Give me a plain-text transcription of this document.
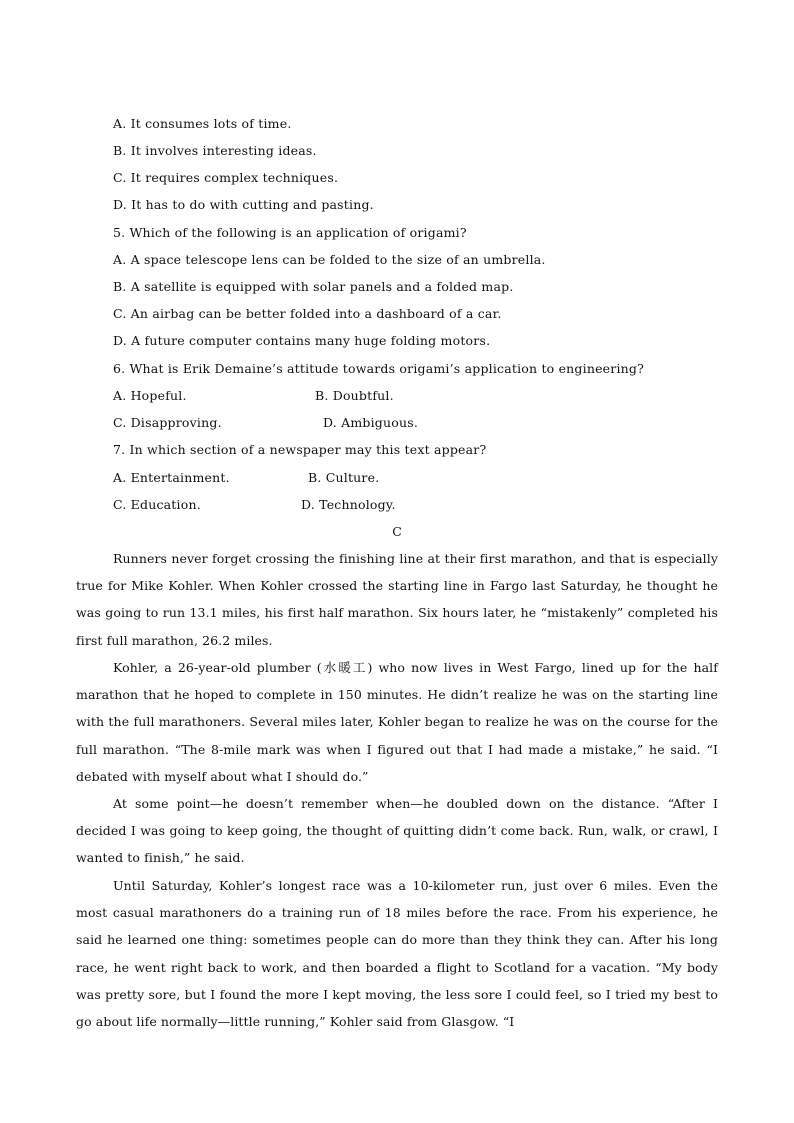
A. It consumes lots of time.
B. It involves interesting ideas.
C. It requires complex techniques.
D. It has to do with cutting and pasting.
5. Which of the following is an application of origami?
A. A space telescope lens can be folded to the size of an umbrella.
B. A satellite is equipped with solar panels and a folded map.
C. An airbag can be better folded into a dashboard of a car.
D. A future computer contains many huge folding motors.
6. What is Erik Demaine’s attitude towards origami’s application to engineering?
A. Hopeful.	B. Doubtful.
C. Disapproving.	D. Ambiguous.
7. In which section of a newspaper may this text appear?
A. Entertainment.	B. Culture.
C. Education.	D. Technology.
C
Runners never forget crossing the finishing line at their first marathon, and that is especially true for Mike Kohler. When Kohler crossed the starting line in Fargo last Saturday, he thought he was going to run 13.1 miles, his first half marathon. Six hours later, he “mistakenly” completed his first full marathon, 26.2 miles.
Kohler, a 26-year-old plumber (水暖工) who now lives in West Fargo, lined up for the half marathon that he hoped to complete in 150 minutes. He didn’t realize he was on the starting line with the full marathoners. Several miles later, Kohler began to realize he was on the course for the full marathon. “The 8-mile mark was when I figured out that I had made a mistake,” he said. “I debated with myself about what I should do.”
At some point—he doesn’t remember when—he doubled down on the distance. “After I decided I was going to keep going, the thought of quitting didn’t come back. Run, walk, or crawl, I wanted to finish,” he said.
Until Saturday, Kohler’s longest race was a 10-kilometer run, just over 6 miles. Even the most casual marathoners do a training run of 18 miles before the race. From his experience, he said he learned one thing: sometimes people can do more than they think they can. After his long race, he went right back to work, and then boarded a flight to Scotland for a vacation. “My body was pretty sore, but I found the more I kept moving, the less sore I could feel, so I tried my best to go about life normally—little running,” Kohler said from Glasgow. “I
